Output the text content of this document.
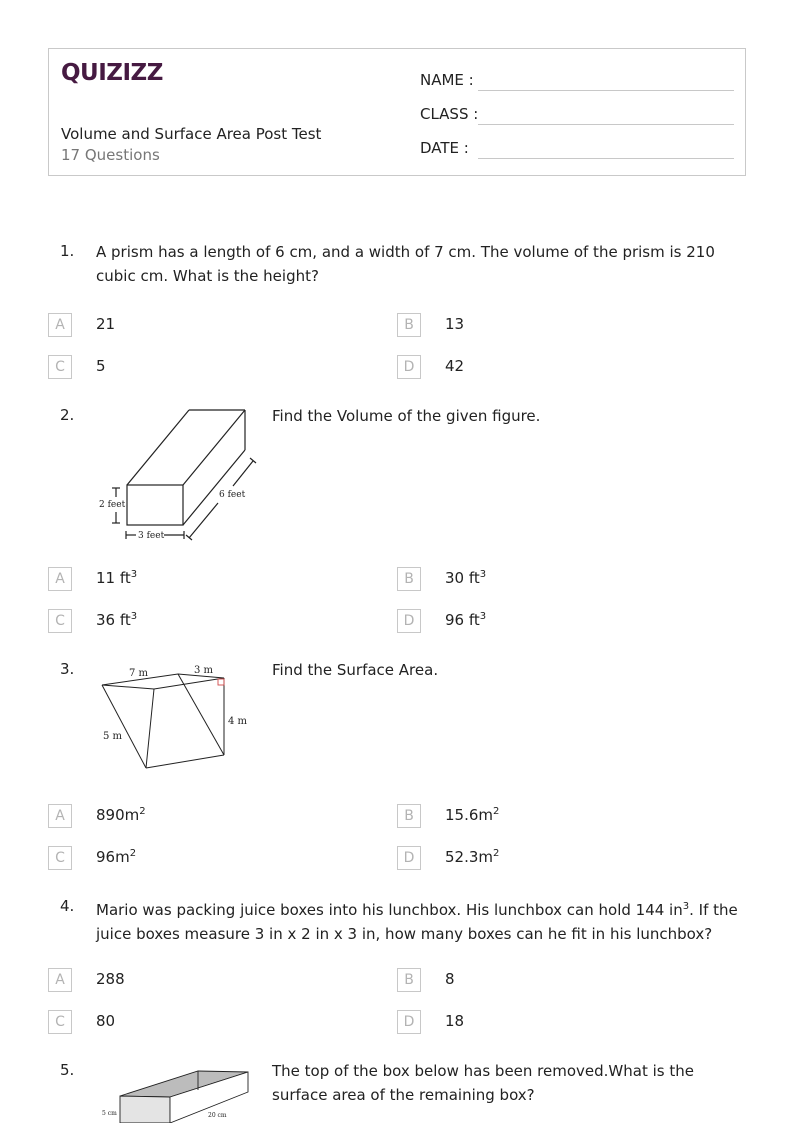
QUIZIZZ
Volume and Surface Area Post Test
17 Questions
NAME :
CLASS :
DATE :
1. A prism has a length of 6 cm, and a width of 7 cm. The volume of the prism is 210 cubic cm. What is the height?
A	21	B	13
C	5	D	42
2.
2 feet
3 feet
6 feet
Find the Volume of the given figure.
A	11 $ft^3$	B	30 $ft^3$
C	36 $ft^3$	D	96 $ft^3$
3.	7 m	3 m
4 m
5 m
Find the Surface Area.
A	$890m^2$	B	$15.6m^2$
C	$96m^2$	D	$52.3m^2$
4. Mario was packing juice boxes into his lunchbox. His lunchbox can hold 144 $in^3$. If the juice boxes measure 3 in x 2 in x 3 in, how many boxes can he fit in his lunchbox?
A	288	B	8
C	80	D	18
5.
5 cm	20 cm
The top of the box below has been removed.What is the surface area of the remaining box?
